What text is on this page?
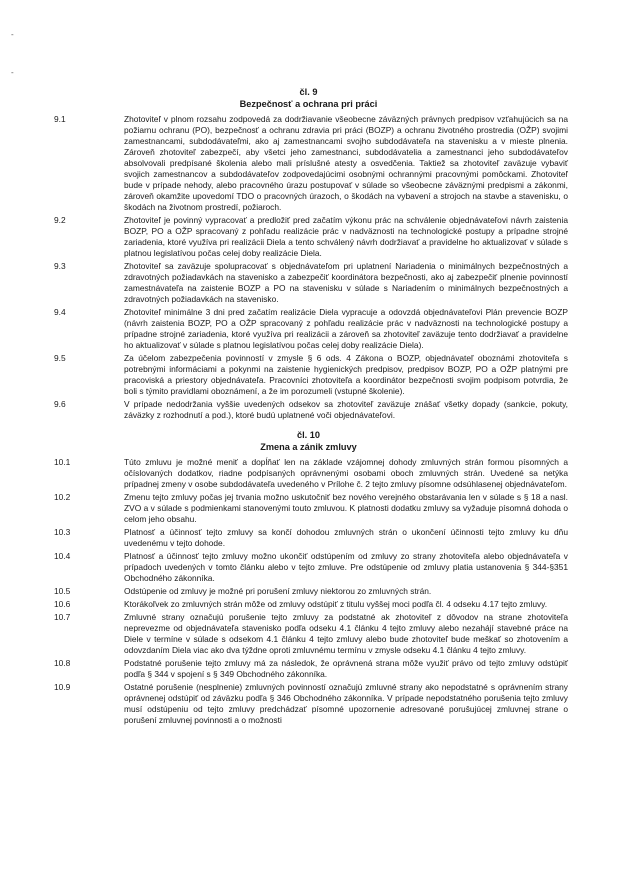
-
-
čl. 9
Bezpečnosť a ochrana pri práci
9.1	Zhotoviteľ v plnom rozsahu zodpovedá za dodržiavanie všeobecne záväzných právnych predpisov vzťahujúcich sa na požiarnu ochranu (PO), bezpečnosť a ochranu zdravia pri práci (BOZP) a ochranu životného prostredia (OŽP) svojimi zamestnancami, subdodávateľmi, ako aj zamestnancami svojho subdodávateľa na stavenisku a v mieste plnenia. Zároveň zhotoviteľ zabezpečí, aby všetci jeho zamestnanci, subdodávatelia a zamestnanci jeho subdodávateľov absolvovali predpísané školenia alebo mali príslušné atesty a osvedčenia. Taktiež sa zhotoviteľ zaväzuje vybaviť svojich zamestnancov a subdodávateľov zodpovedajúcimi osobnými ochrannými pracovnými pomôckami. Zhotoviteľ bude v prípade nehody, alebo pracovného úrazu postupovať v súlade so všeobecne záväznými predpismi a zákonmi, zároveň okamžite upovedomí TDO o pracovných úrazoch, o škodách na vybavení a strojoch na stavbe a stavenisku, o škodách na životnom prostredí, požiaroch.
9.2	Zhotoviteľ je povinný vypracovať a predložiť pred začatím výkonu prác na schválenie objednávateľovi návrh zaistenia BOZP, PO a OŽP spracovaný z pohľadu realizácie prác v nadväznosti na technologické postupy a prípadne strojné zariadenia, ktoré využíva pri realizácii Diela a tento schválený návrh dodržiavať a pravidelne ho aktualizovať v súlade s platnou legislatívou počas celej doby realizácie Diela.
9.3	Zhotoviteľ sa zaväzuje spolupracovať s objednávateľom pri uplatnení Nariadenia o minimálnych bezpečnostných a zdravotných požiadavkách na stavenisko a zabezpečiť koordinátora bezpečnosti, ako aj zabezpečiť plnenie povinností zamestnávateľa na zaistenie BOZP a PO na stavenisku v súlade s Nariadením o minimálnych bezpečnostných a zdravotných požiadavkách na stavenisko.
9.4	Zhotoviteľ minimálne 3 dni pred začatím realizácie Diela vypracuje a odovzdá objednávateľovi Plán prevencie BOZP (návrh zaistenia BOZP, PO a OŽP spracovaný z pohľadu realizácie prác v nadväznosti na technologické postupy a prípadne strojné zariadenia, ktoré využíva pri realizácii a zároveň sa zhotoviteľ zaväzuje tento dodržiavať a pravidelne ho aktualizovať v súlade s platnou legislatívou počas celej doby realizácie Diela).
9.5	Za účelom zabezpečenia povinností v zmysle § 6 ods. 4 Zákona o BOZP, objednávateľ oboznámi zhotoviteľa s potrebnými informáciami a pokynmi na zaistenie hygienických predpisov, predpisov BOZP, PO a OŽP platnými pre pracoviská a priestory objednávateľa. Pracovníci zhotoviteľa a koordinátor bezpečnosti svojim podpisom potvrdia, že boli s týmito pravidlami oboznámení, a že im porozumeli (vstupné školenie).
9.6	V prípade nedodržania vyššie uvedených odsekov sa zhotoviteľ zaväzuje znášať všetky dopady (sankcie, pokuty, záväzky z rozhodnutí a pod.), ktoré budú uplatnené voči objednávateľovi.
čl. 10
Zmena a zánik zmluvy
10.1	Túto zmluvu je možné meniť a dopĺňať len na základe vzájomnej dohody zmluvných strán formou písomných a očíslovaných dodatkov, riadne podpísaných oprávnenými osobami oboch zmluvných strán. Uvedené sa netýka prípadnej zmeny v osobe subdodávateľa uvedeného v Prílohe č. 2 tejto zmluvy písomne odsúhlasenej objednávateľom.
10.2	Zmenu tejto zmluvy počas jej trvania možno uskutočniť bez nového verejného obstarávania len v súlade s § 18 a nasl. ZVO a v súlade s podmienkami stanovenými touto zmluvou. K platnosti dodatku zmluvy sa vyžaduje písomná dohoda o celom jeho obsahu.
10.3	Platnosť a účinnosť tejto zmluvy sa končí dohodou zmluvných strán o ukončení účinnosti tejto zmluvy ku dňu uvedenému v tejto dohode.
10.4	Platnosť a účinnosť tejto zmluvy možno ukončiť odstúpením od zmluvy zo strany zhotoviteľa alebo objednávateľa v prípadoch uvedených v tomto článku alebo v tejto zmluve. Pre odstúpenie od zmluvy platia ustanovenia § 344-§351 Obchodného zákonníka.
10.5	Odstúpenie od zmluvy je možné pri porušení zmluvy niektorou zo zmluvných strán.
10.6	Ktorákoľvek zo zmluvných strán môže od zmluvy odstúpiť z titulu vyššej moci podľa čl. 4 odseku 4.17 tejto zmluvy.
10.7	Zmluvné strany označujú porušenie tejto zmluvy za podstatné ak zhotoviteľ z dôvodov na strane zhotoviteľa neprevezme od objednávateľa stavenisko podľa odseku 4.1 článku 4 tejto zmluvy alebo nezahájí stavebné práce na Diele v termíne v súlade s odsekom 4.1 článku 4 tejto zmluvy alebo bude zhotoviteľ bude meškať so zhotovením a odovzdaním Diela viac ako dva týždne oproti zmluvnému termínu v zmysle odseku 4.1 článku 4 tejto zmluvy.
10.8	Podstatné porušenie tejto zmluvy má za následok, že oprávnená strana môže využiť právo od tejto zmluvy odstúpiť podľa § 344 v spojení s § 349 Obchodného zákonníka.
10.9	Ostatné porušenie (nesplnenie) zmluvných povinností označujú zmluvné strany ako nepodstatné s oprávnením strany oprávnenej odstúpiť od záväzku podľa § 346 Obchodného zákonníka. V prípade nepodstatného porušenia tejto zmluvy musí odstúpeniu od tejto zmluvy predchádzať písomné upozornenie adresované porušujúcej zmluvnej strane o porušení zmluvnej povinnosti a o možnosti
